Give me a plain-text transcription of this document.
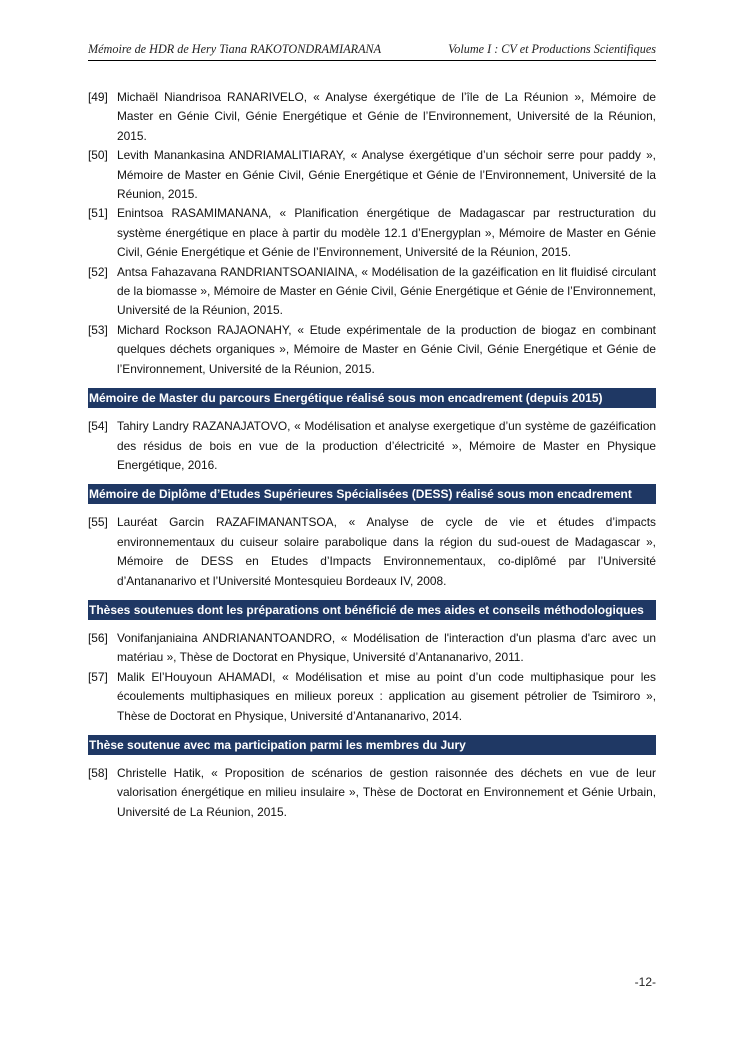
Mémoire de HDR de Hery Tiana RAKOTONDRAMIARANA	Volume I : CV et Productions Scientifiques
[49] Michaël Niandrisoa RANARIVELO, « Analyse éxergétique de l’île de La Réunion », Mémoire de Master en Génie Civil, Génie Energétique et Génie de l’Environnement, Université de la Réunion, 2015.
[50] Levith Manankasina ANDRIAMALITIARAY, « Analyse éxergétique d’un séchoir serre pour paddy », Mémoire de Master en Génie Civil, Génie Energétique et Génie de l’Environnement, Université de la Réunion, 2015.
[51] Enintsoa RASAMIMANANA, « Planification énergétique de Madagascar par restructuration du système énergétique en place à partir du modèle 12.1 d’Energyplan », Mémoire de Master en Génie Civil, Génie Energétique et Génie de l’Environnement, Université de la Réunion, 2015.
[52] Antsa Fahazavana RANDRIANTSOANIAINA, « Modélisation de la gazéification en lit fluidisé circulant de la biomasse », Mémoire de Master en Génie Civil, Génie Energétique et Génie de l’Environnement, Université de la Réunion, 2015.
[53] Michard Rockson RAJAONAHY, « Etude expérimentale de la production de biogaz en combinant quelques déchets organiques », Mémoire de Master en Génie Civil, Génie Energétique et Génie de l’Environnement, Université de la Réunion, 2015.
Mémoire de Master du parcours Energétique réalisé sous mon encadrement (depuis 2015)
[54] Tahiry Landry RAZANAJATOVO, « Modélisation et analyse exergetique d’un système de gazéification des résidus de bois en vue de la production d’électricité », Mémoire de Master en Physique Energétique, 2016.
Mémoire de Diplôme d’Etudes Supérieures Spécialisées (DESS) réalisé sous mon encadrement
[55] Lauréat Garcin RAZAFIMANANTSOA, « Analyse de cycle de vie et études d’impacts environnementaux du cuiseur solaire parabolique dans la région du sud-ouest de Madagascar », Mémoire de DESS en Etudes d’Impacts Environnementaux, co-diplômé par l’Université d’Antananarivo et l’Université Montesquieu Bordeaux IV, 2008.
Thèses soutenues dont les préparations ont bénéficié de mes aides et conseils méthodologiques
[56] Vonifanjaniaina ANDRIANANTOANDRO, « Modélisation de l'interaction d'un plasma d'arc avec un matériau », Thèse de Doctorat en Physique, Université d’Antananarivo, 2011.
[57] Malik El’Houyoun AHAMADI, « Modélisation et mise au point d’un code multiphasique pour les écoulements multiphasiques en milieux poreux : application au gisement pétrolier de Tsimiroro », Thèse de Doctorat en Physique, Université d’Antananarivo, 2014.
Thèse soutenue avec ma participation parmi les membres du Jury
[58] Christelle Hatik, « Proposition de scénarios de gestion raisonnée des déchets en vue de leur valorisation énergétique en milieu insulaire », Thèse de Doctorat en Environnement et Génie Urbain, Université de La Réunion, 2015.
-12-
